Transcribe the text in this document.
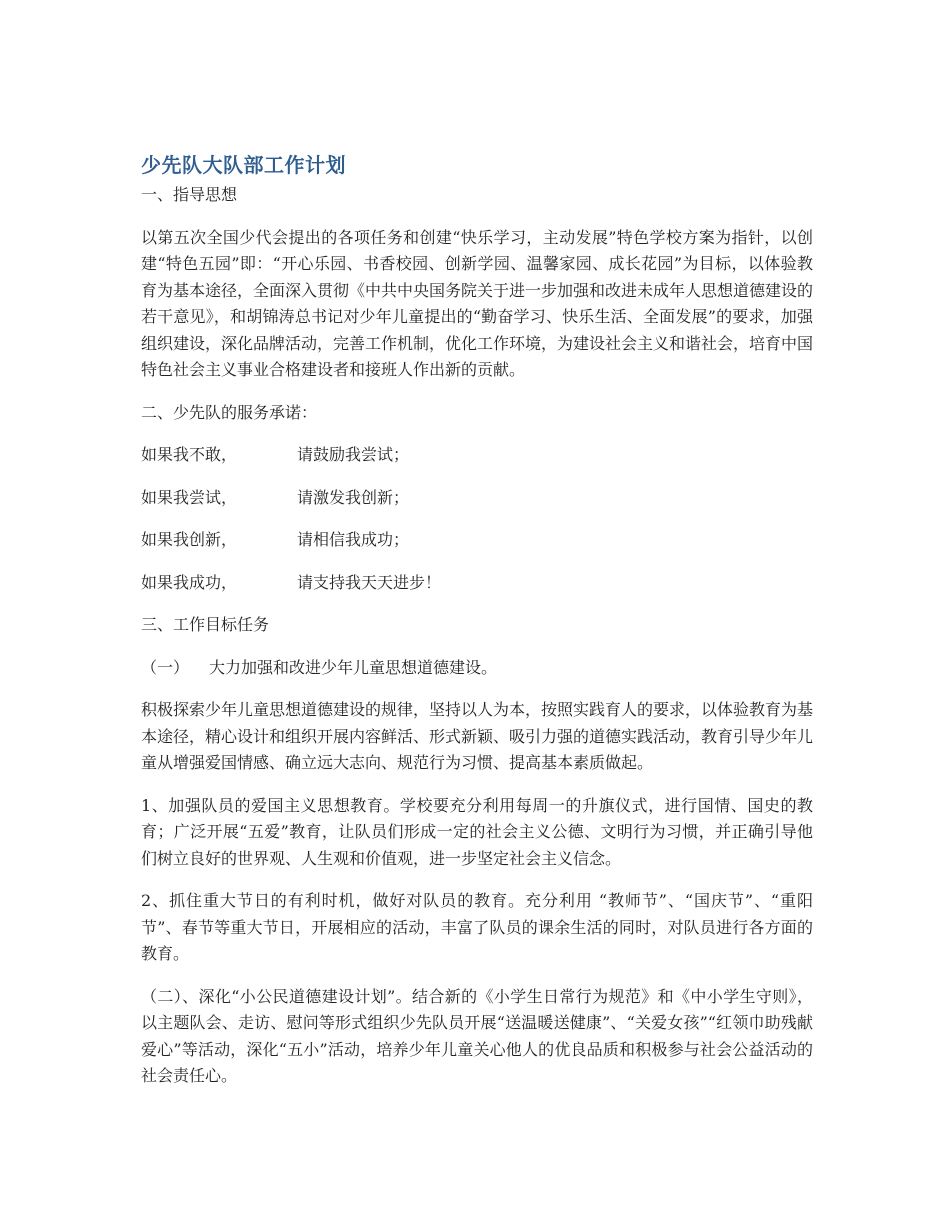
少先队大队部工作计划

一、指导思想

以第五次全国少代会提出的各项任务和创建“快乐学习，主动发展”特色学校方案为指针，以创建“特色五园”即：“开心乐园、书香校园、创新学园、温馨家园、成长花园”为目标，以体验教育为基本途径，全面深入贯彻《中共中央国务院关于进一步加强和改进未成年人思想道德建设的若干意见》，和胡锦涛总书记对少年儿童提出的“勤奋学习、快乐生活、全面发展”的要求，加强组织建设，深化品牌活动，完善工作机制，优化工作环境，为建设社会主义和谐社会，培育中国特色社会主义事业合格建设者和接班人作出新的贡献。

二、少先队的服务承诺：

如果我不敢，	请鼓励我尝试；
如果我尝试，	请激发我创新；
如果我创新，	请相信我成功；
如果我成功，	请支持我天天进步！

三、工作目标任务

（一）	大力加强和改进少年儿童思想道德建设。

积极探索少年儿童思想道德建设的规律，坚持以人为本，按照实践育人的要求，以体验教育为基本途径，精心设计和组织开展内容鲜活、形式新颖、吸引力强的道德实践活动，教育引导少年儿童从增强爱国情感、确立远大志向、规范行为习惯、提高基本素质做起。

1、加强队员的爱国主义思想教育。学校要充分利用每周一的升旗仪式，进行国情、国史的教育；广泛开展“五爱”教育，让队员们形成一定的社会主义公德、文明行为习惯，并正确引导他们树立良好的世界观、人生观和价值观，进一步坚定社会主义信念。

2、抓住重大节日的有利时机，做好对队员的教育。充分利用 “教师节”、“国庆节”、“重阳节”、春节等重大节日，开展相应的活动，丰富了队员的课余生活的同时，对队员进行各方面的教育。

（二）、深化“小公民道德建设计划”。结合新的《小学生日常行为规范》和《中小学生守则》，以主题队会、走访、慰问等形式组织少先队员开展“送温暖送健康”、“关爱女孩”“红领巾助残献爱心”等活动，深化“五小”活动，培养少年儿童关心他人的优良品质和积极参与社会公益活动的社会责任心。
